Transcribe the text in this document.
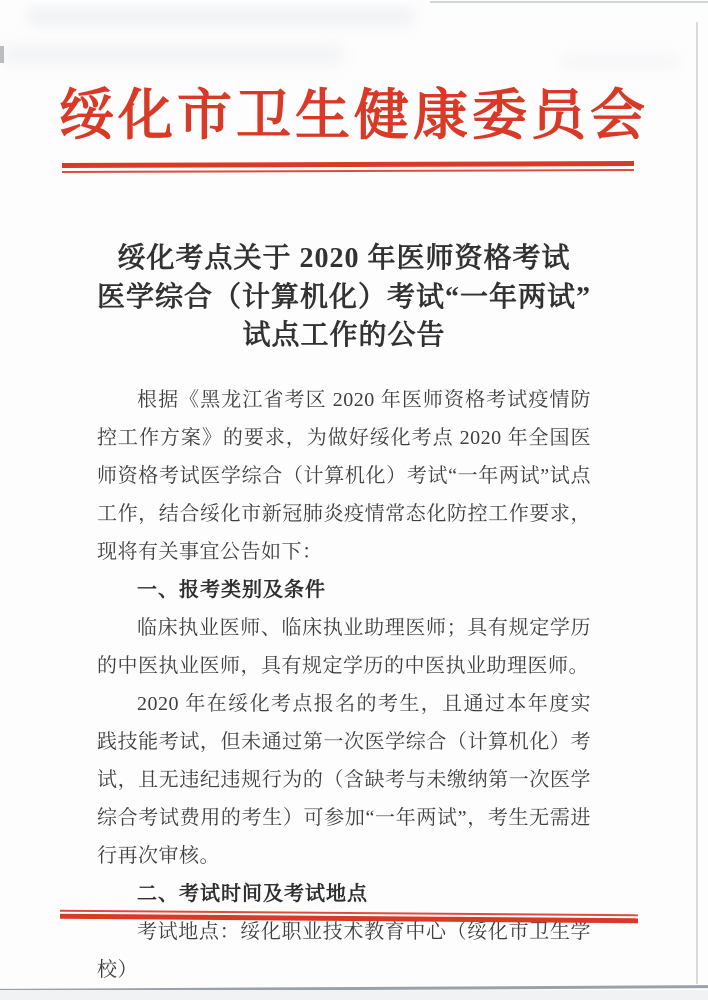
绥化市卫生健康委员会
绥化考点关于 2020 年医师资格考试
医学综合（计算机化）考试“一年两试”
试点工作的公告

根据《黑龙江省考区 2020 年医师资格考试疫情防控工作方案》的要求，为做好绥化考点 2020 年全国医师资格考试医学综合（计算机化）考试“一年两试”试点工作，结合绥化市新冠肺炎疫情常态化防控工作要求，现将有关事宜公告如下：

一、报考类别及条件

临床执业医师、临床执业助理医师；具有规定学历的中医执业医师，具有规定学历的中医执业助理医师。

2020 年在绥化考点报名的考生，且通过本年度实践技能考试，但未通过第一次医学综合（计算机化）考试，且无违纪违规行为的（含缺考与未缴纳第一次医学综合考试费用的考生）可参加“一年两试”，考生无需进行再次审核。

二、考试时间及考试地点

考试地点：绥化职业技术教育中心（绥化市卫生学校）
